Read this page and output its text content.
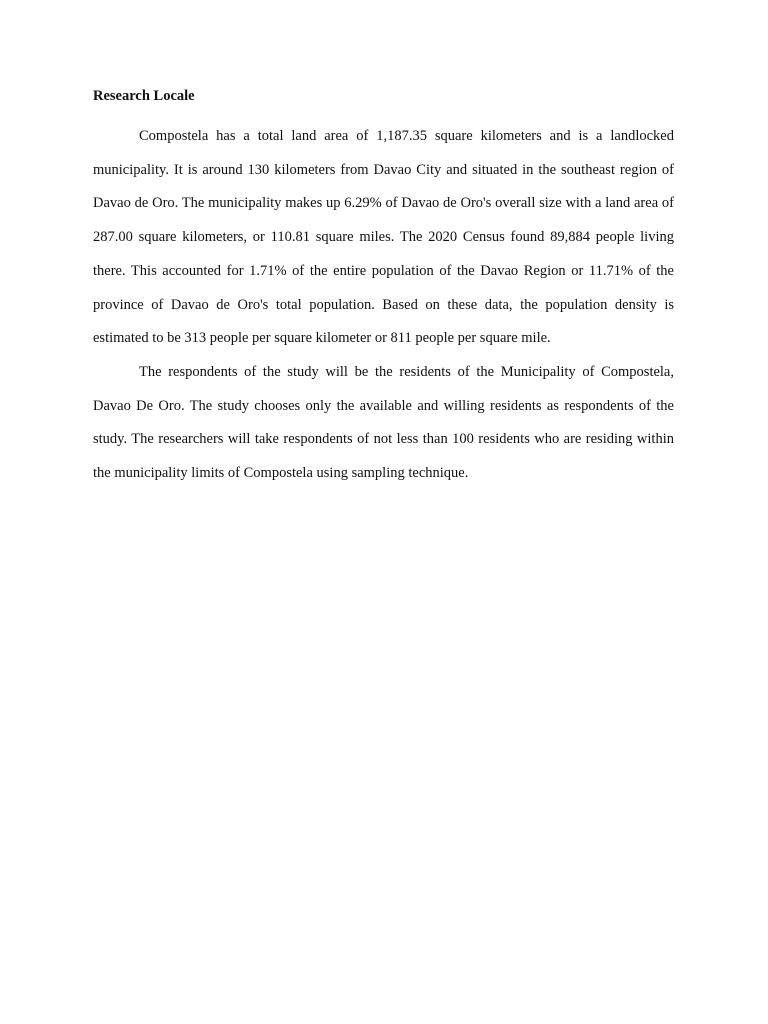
Research Locale

Compostela has a total land area of 1,187.35 square kilometers and is a landlocked municipality. It is around 130 kilometers from Davao City and situated in the southeast region of Davao de Oro. The municipality makes up 6.29% of Davao de Oro's overall size with a land area of 287.00 square kilometers, or 110.81 square miles. The 2020 Census found 89,884 people living there. This accounted for 1.71% of the entire population of the Davao Region or 11.71% of the province of Davao de Oro's total population. Based on these data, the population density is estimated to be 313 people per square kilometer or 811 people per square mile.

The respondents of the study will be the residents of the Municipality of Compostela, Davao De Oro. The study chooses only the available and willing residents as respondents of the study. The researchers will take respondents of not less than 100 residents who are residing within the municipality limits of Compostela using sampling technique.
